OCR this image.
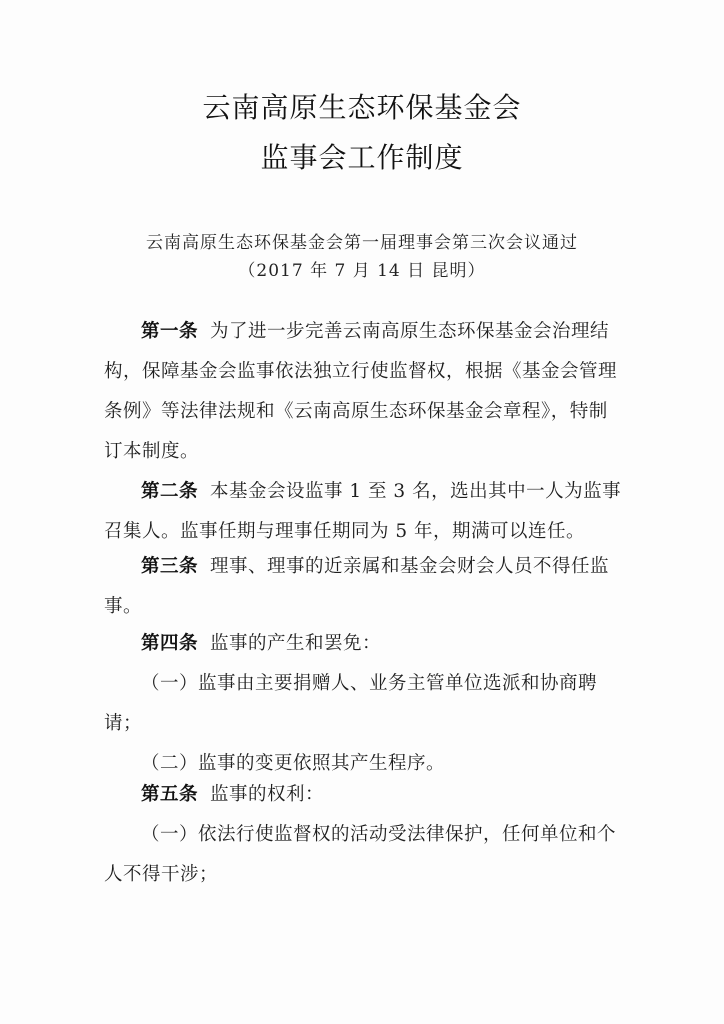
云南高原生态环保基金会
监事会工作制度
云南高原生态环保基金会第一届理事会第三次会议通过
（2017 年 7 月 14 日 昆明）

第一条 为了进一步完善云南高原生态环保基金会治理结构，保障基金会监事依法独立行使监督权，根据《基金会管理条例》等法律法规和《云南高原生态环保基金会章程》，特制订本制度。

第二条 本基金会设监事 1 至 3 名，选出其中一人为监事召集人。监事任期与理事任期同为 5 年，期满可以连任。

第三条 理事、理事的近亲属和基金会财会人员不得任监事。

第四条 监事的产生和罢免：

（一）监事由主要捐赠人、业务主管单位选派和协商聘请；

（二）监事的变更依照其产生程序。

第五条 监事的权利：

（一）依法行使监督权的活动受法律保护，任何单位和个人不得干涉；
